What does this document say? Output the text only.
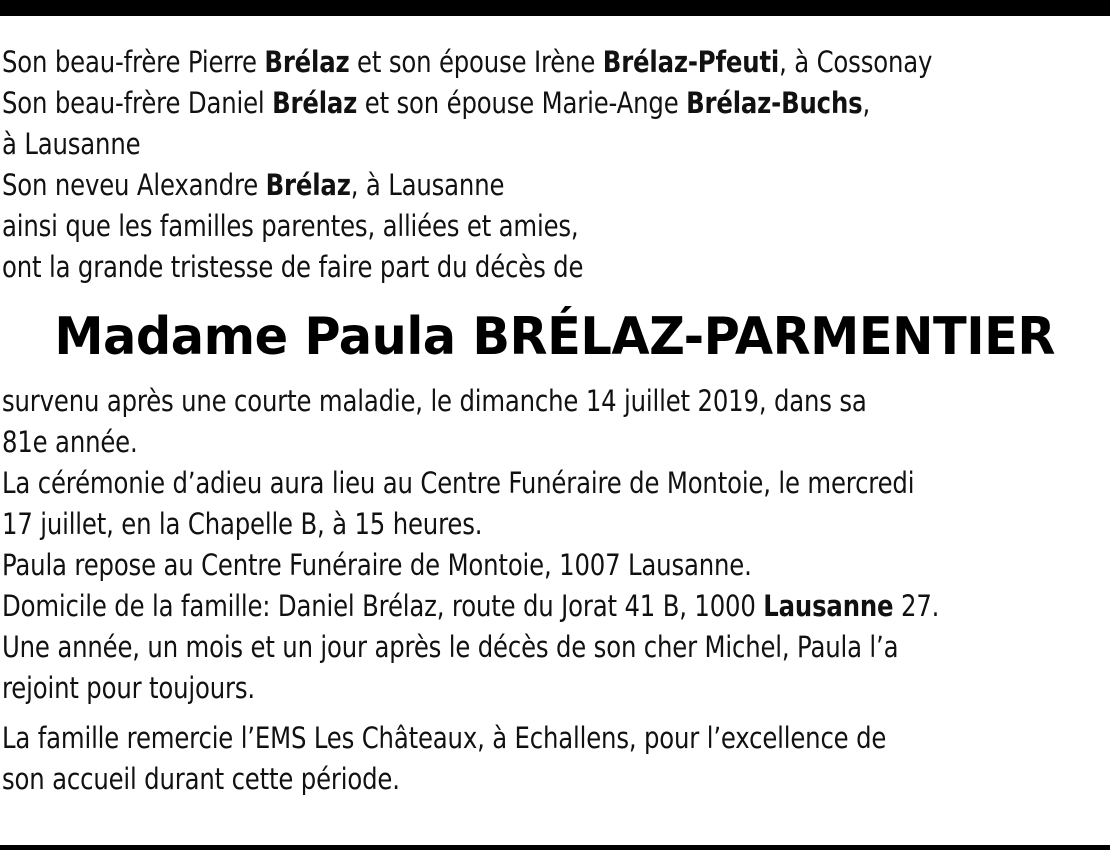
Son beau-frère Pierre Brélaz et son épouse Irène Brélaz-Pfeuti, à Cossonay
Son beau-frère Daniel Brélaz et son épouse Marie-Ange Brélaz-Buchs,
à Lausanne
Son neveu Alexandre Brélaz, à Lausanne
ainsi que les familles parentes, alliées et amies,
ont la grande tristesse de faire part du décès de
Madame Paula BRÉLAZ-PARMENTIER
survenu après une courte maladie, le dimanche 14 juillet 2019, dans sa
81e année.
La cérémonie d’adieu aura lieu au Centre Funéraire de Montoie, le mercredi
17 juillet, en la Chapelle B, à 15 heures.
Paula repose au Centre Funéraire de Montoie, 1007 Lausanne.
Domicile de la famille: Daniel Brélaz, route du Jorat 41 B, 1000 Lausanne 27.
Une année, un mois et un jour après le décès de son cher Michel, Paula l’a
rejoint pour toujours.
La famille remercie l’EMS Les Châteaux, à Echallens, pour l’excellence de
son accueil durant cette période.
